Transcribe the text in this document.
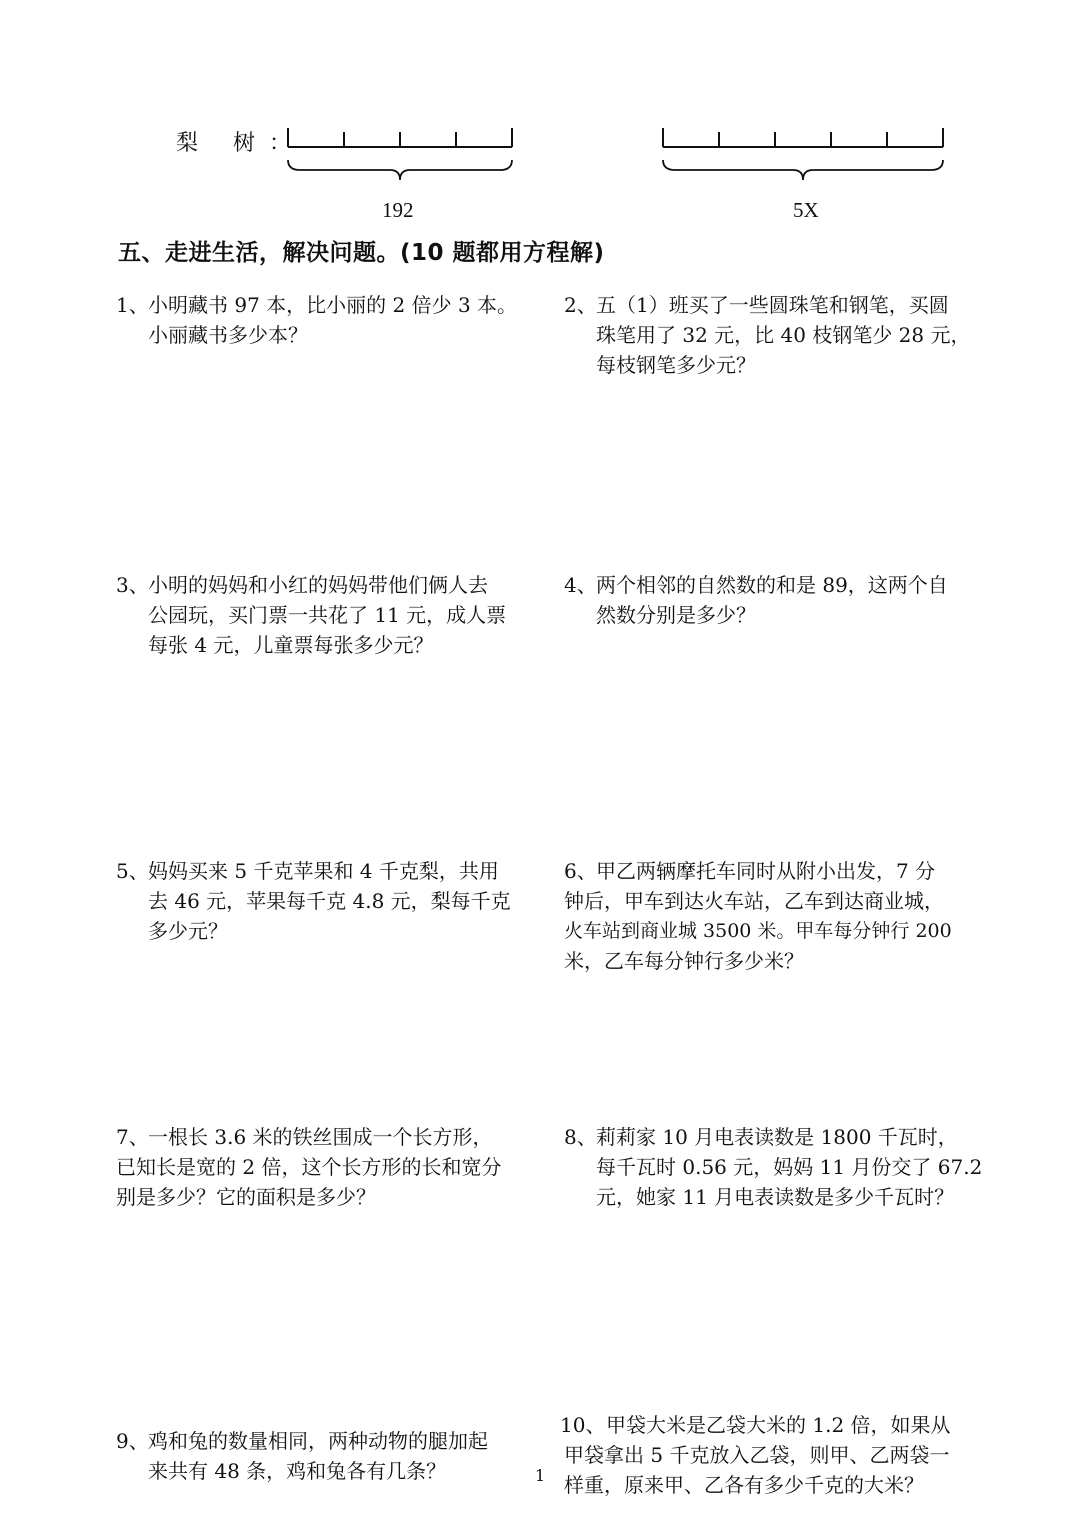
梨 树：
192	5X
五、走进生活，解决问题。(10 题都用方程解)
1、 小明藏书 97 本，比小丽的 2 倍少 3 本。
小丽藏书多少本？
2、 五（1）班买了一些圆珠笔和钢笔，买圆
珠笔用了 32 元，比 40 枝钢笔少 28 元，
每枝钢笔多少元？
3、 小明的妈妈和小红的妈妈带他们俩人去
公园玩，买门票一共花了 11 元，成人票
每张 4 元，儿童票每张多少元？
4、 两个相邻的自然数的和是 89，这两个自
然数分别是多少？
5、 妈妈买来 5 千克苹果和 4 千克梨，共用
去 46 元，苹果每千克 4.8 元，梨每千克
多少元？
6、 甲乙两辆摩托车同时从附小出发，7 分
钟后，甲车到达火车站，乙车到达商业城，
火车站到商业城 3500 米。甲车每分钟行 200
米，乙车每分钟行多少米？
7、 一根长 3.6 米的铁丝围成一个长方形，
已知长是宽的 2 倍，这个长方形的长和宽分
别是多少？它的面积是多少？
8、 莉莉家 10 月电表读数是 1800 千瓦时，
每千瓦时 0.56 元，妈妈 11 月份交了 67.2
元，她家 11 月电表读数是多少千瓦时？
9、 鸡和兔的数量相同，两种动物的腿加起
来共有 48 条，鸡和兔各有几条？
10、 甲袋大米是乙袋大米的 1.2 倍，如果从
甲袋拿出 5 千克放入乙袋，则甲、乙两袋一
样重，原来甲、乙各有多少千克的大米？
1
